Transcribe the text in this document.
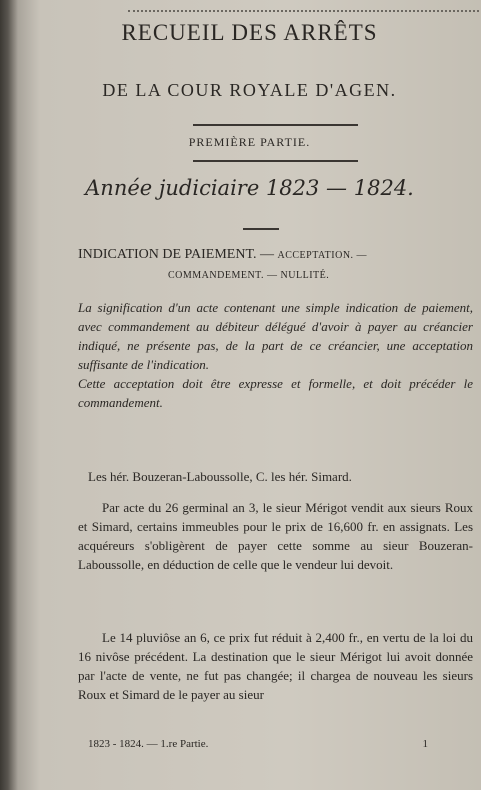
RECUEIL DES ARRÊTS
DE LA COUR ROYALE D'AGEN.
PREMIÈRE PARTIE.
Année judiciaire 1823 — 1824.
INDICATION DE PAIEMENT. — ACCEPTATION. —
COMMANDEMENT. — NULLITÉ.

La signification d'un acte contenant une simple indication de paiement, avec commandement au débiteur délégué d'avoir à payer au créancier indiqué, ne présente pas, de la part de ce créancier, une acceptation suffisante de l'indication.

Cette acceptation doit être expresse et formelle, et doit précéder le commandement.

Les hér. Bouzeran-Laboussolle, C. les hér. Simard.
Par acte du 26 germinal an 3, le sieur Mérigot vendit aux sieurs Roux et Simard, certains immeubles pour le prix de 16,600 fr. en assignats. Les acquéreurs s'obligèrent de payer cette somme au sieur Bouzeran-Laboussolle, en déduction de celle que le vendeur lui devoit.
Le 14 pluviôse an 6, ce prix fut réduit à 2,400 fr., en vertu de la loi du 16 nivôse précédent. La destination que le sieur Mérigot lui avoit donnée par l'acte de vente, ne fut pas changée; il chargea de nouveau les sieurs Roux et Simard de le payer au sieur
1823 - 1824. — 1.re Partie.	1
